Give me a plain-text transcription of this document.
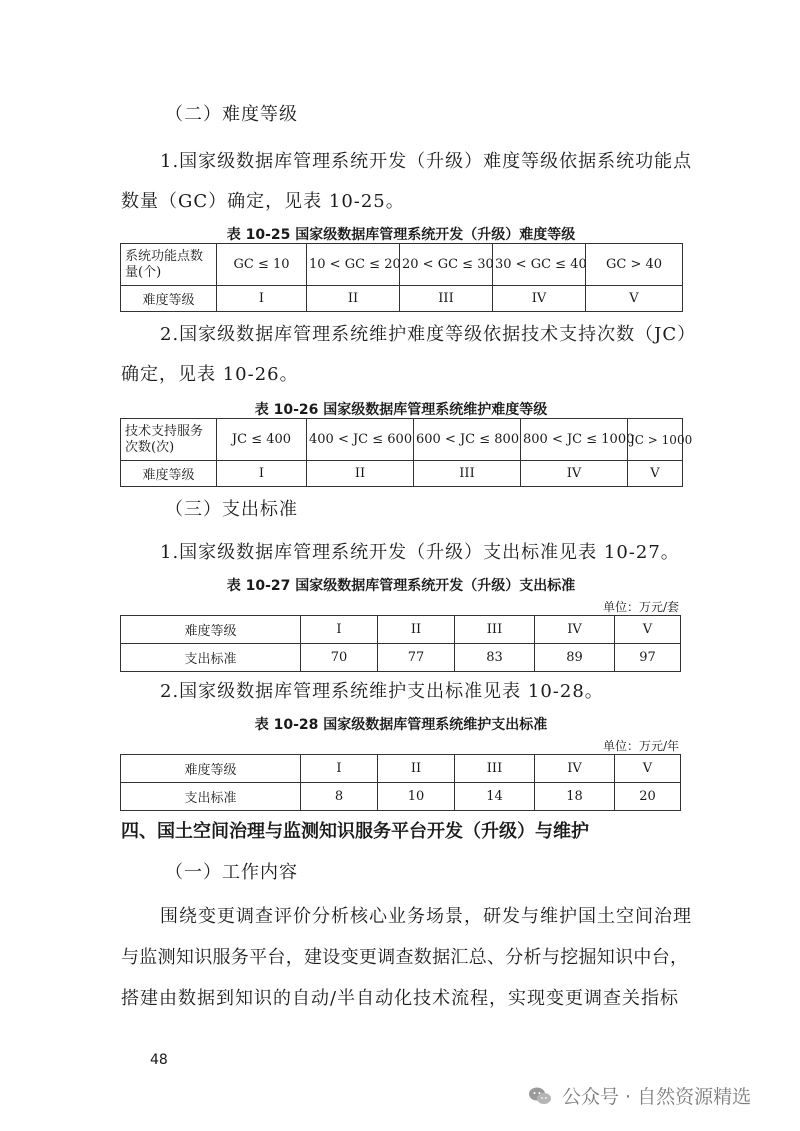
（二）难度等级
1.国家级数据库管理系统开发（升级）难度等级依据系统功能点
数量（GC）确定，见表 10-25。
表 10-25 国家级数据库管理系统开发（升级）难度等级
系统功能点数量(个)	GC ≤ 10	10 < GC ≤ 20	20 < GC ≤ 30	30 < GC ≤ 40	GC > 40
难度等级	I	II	III	IV	V
2.国家级数据库管理系统维护难度等级依据技术支持次数（JC）
确定，见表 10-26。
表 10-26 国家级数据库管理系统维护难度等级
技术支持服务次数(次)	JC ≤ 400	400 < JC ≤ 600	600 < JC ≤ 800	800 < JC ≤ 1000	JC > 1000
难度等级	I	II	III	IV	V
（三）支出标准
1.国家级数据库管理系统开发（升级）支出标准见表 10-27。
表 10-27 国家级数据库管理系统开发（升级）支出标准
单位：万元/套
难度等级	I	II	III	IV	V
支出标准	70	77	83	89	97
2.国家级数据库管理系统维护支出标准见表 10-28。
表 10-28 国家级数据库管理系统维护支出标准
单位：万元/年
难度等级	I	II	III	IV	V
支出标准	8	10	14	18	20
四、国土空间治理与监测知识服务平台开发（升级）与维护
（一）工作内容
围绕变更调查评价分析核心业务场景，研发与维护国土空间治理
与监测知识服务平台，建设变更调查数据汇总、分析与挖掘知识中台，
搭建由数据到知识的自动/半自动化技术流程，实现变更调查关指标
48
公众号 · 自然资源精选
